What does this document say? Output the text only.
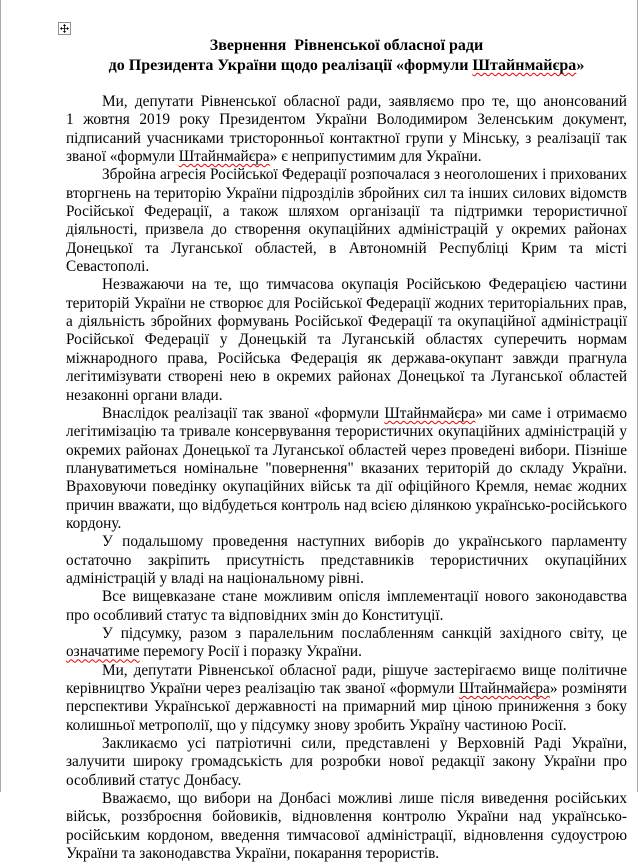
Звернення  Рівненської обласної ради
до Президента України щодо реалізації «формули Штайнмайєра»

Ми, депутати Рівненської обласної ради, заявляємо про те, що анонсований 1 жовтня 2019 року Президентом України Володимиром Зеленським документ, підписаний учасниками тристоронньої контактної групи у Мінську, з реалізації так званої «формули Штайнмайєра» є неприпустимим для України.

Збройна агресія Російської Федерації розпочалася з неоголошених і прихованих вторгнень на територію України підрозділів збройних сил та інших силових відомств Російської Федерації, а також шляхом організації та підтримки терористичної діяльності, призвела до створення окупаційних адміністрацій у окремих районах Донецької та Луганської областей, в Автономній Республіці Крим та місті Севастополі.

Незважаючи на те, що тимчасова окупація Російською Федерацією частини територій України не створює для Російської Федерації жодних територіальних прав, а діяльність збройних формувань Російської Федерації та окупаційної адміністрації Російської Федерації у Донецькій та Луганській областях суперечить нормам міжнародного права, Російська Федерація як держава-окупант завжди прагнула легітимізувати створені нею в окремих районах Донецької та Луганської областей незаконні органи влади.

Внаслідок реалізації так званої «формули Штайнмайєра» ми саме і отримаємо легітимізацію та тривале консервування терористичних окупаційних адміністрацій у окремих районах Донецької та Луганської областей через проведені вибори. Пізніше плануватиметься номінальне "повернення" вказаних територій до складу України. Враховуючи поведінку окупаційних військ та дії офіційного Кремля, немає жодних причин вважати, що відбудеться контроль над всією ділянкою українсько-російського кордону.

У подальшому проведення наступних виборів до українського парламенту остаточно закріпить присутність представників терористичних окупаційних адміністрацій у владі на національному рівні.

Все вищевказане стане можливим опісля імплементації нового законодавства про особливий статус та відповідних змін до Конституції.

У підсумку, разом з паралельним послабленням санкцій західного світу, це означатиме перемогу Росії і поразку України.

Ми, депутати Рівненської обласної ради, рішуче застерігаємо вище політичне керівництво України через реалізацію так званої «формули Штайнмайєра» розміняти перспективи Української державності на примарний мир ціною приниження з боку колишньої метрополії, що у підсумку знову зробить Україну частиною Росії.

Закликаємо усі патріотичні сили, представлені у Верховній Раді України, залучити широку громадськість для розробки нової редакції закону України про особливий статус Донбасу.

Вважаємо, що вибори на Донбасі можливі лише після виведення російських військ, роззброєння бойовиків, відновлення контролю України над українсько-російським кордоном, введення тимчасової адміністрації, відновлення судоустрою України та законодавства України, покарання терористів.
